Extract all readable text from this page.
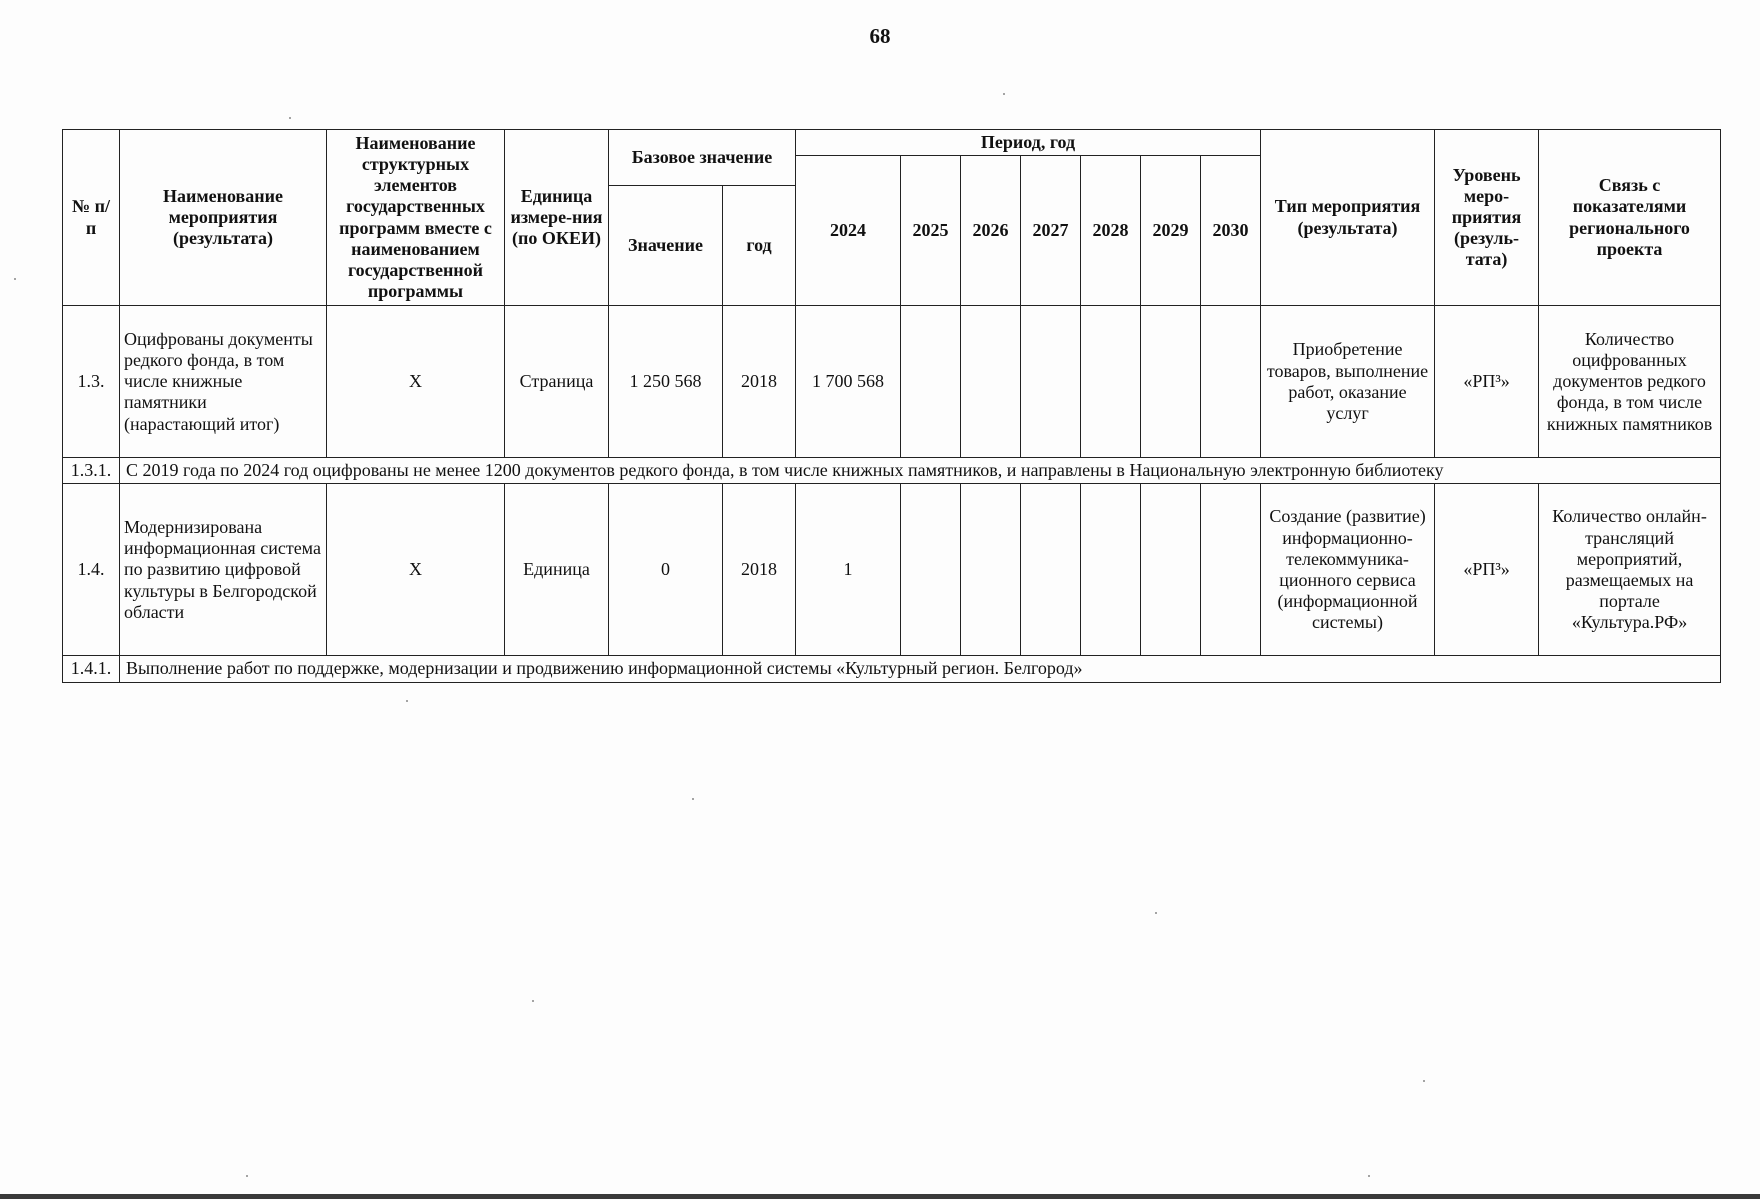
68
№ п/п	Наименование мероприятия (результата)	Наименование структурных элементов государственных программ вместе с наименованием государственной программы	Единица измере-ния (по ОКЕИ)	Базовое значение		Период, год							Тип мероприятия (результата)	Уровень меро-приятия (резуль-тата)	Связь с показателями регионального проекта
						2024	2025	2026	2027	2028	2029	2030			
				Значение	год										
1.3.	Оцифрованы документы редкого фонда, в том числе книжные памятники (нарастающий итог)	Х	Страница	1 250 568	2018	1 700 568							Приобретение товаров, выполнение работ, оказание услуг	«РП³»	Количество оцифрованных документов редкого фонда, в том числе книжных памятников
1.3.1.	С 2019 года по 2024 год оцифрованы не менее 1200 документов редкого фонда, в том числе книжных памятников, и направлены в Национальную электронную библиотеку														
1.4.	Модернизирована информационная система по развитию цифровой культуры в Белгородской области	Х	Единица	0	2018	1							Создание (развитие) информационно-телекоммуника-ционного сервиса (информационной системы)	«РП³»	Количество онлайн-трансляций мероприятий, размещаемых на портале «Культура.РФ»
1.4.1.	Выполнение работ по поддержке, модернизации и продвижению информационной системы «Культурный регион. Белгород»														
